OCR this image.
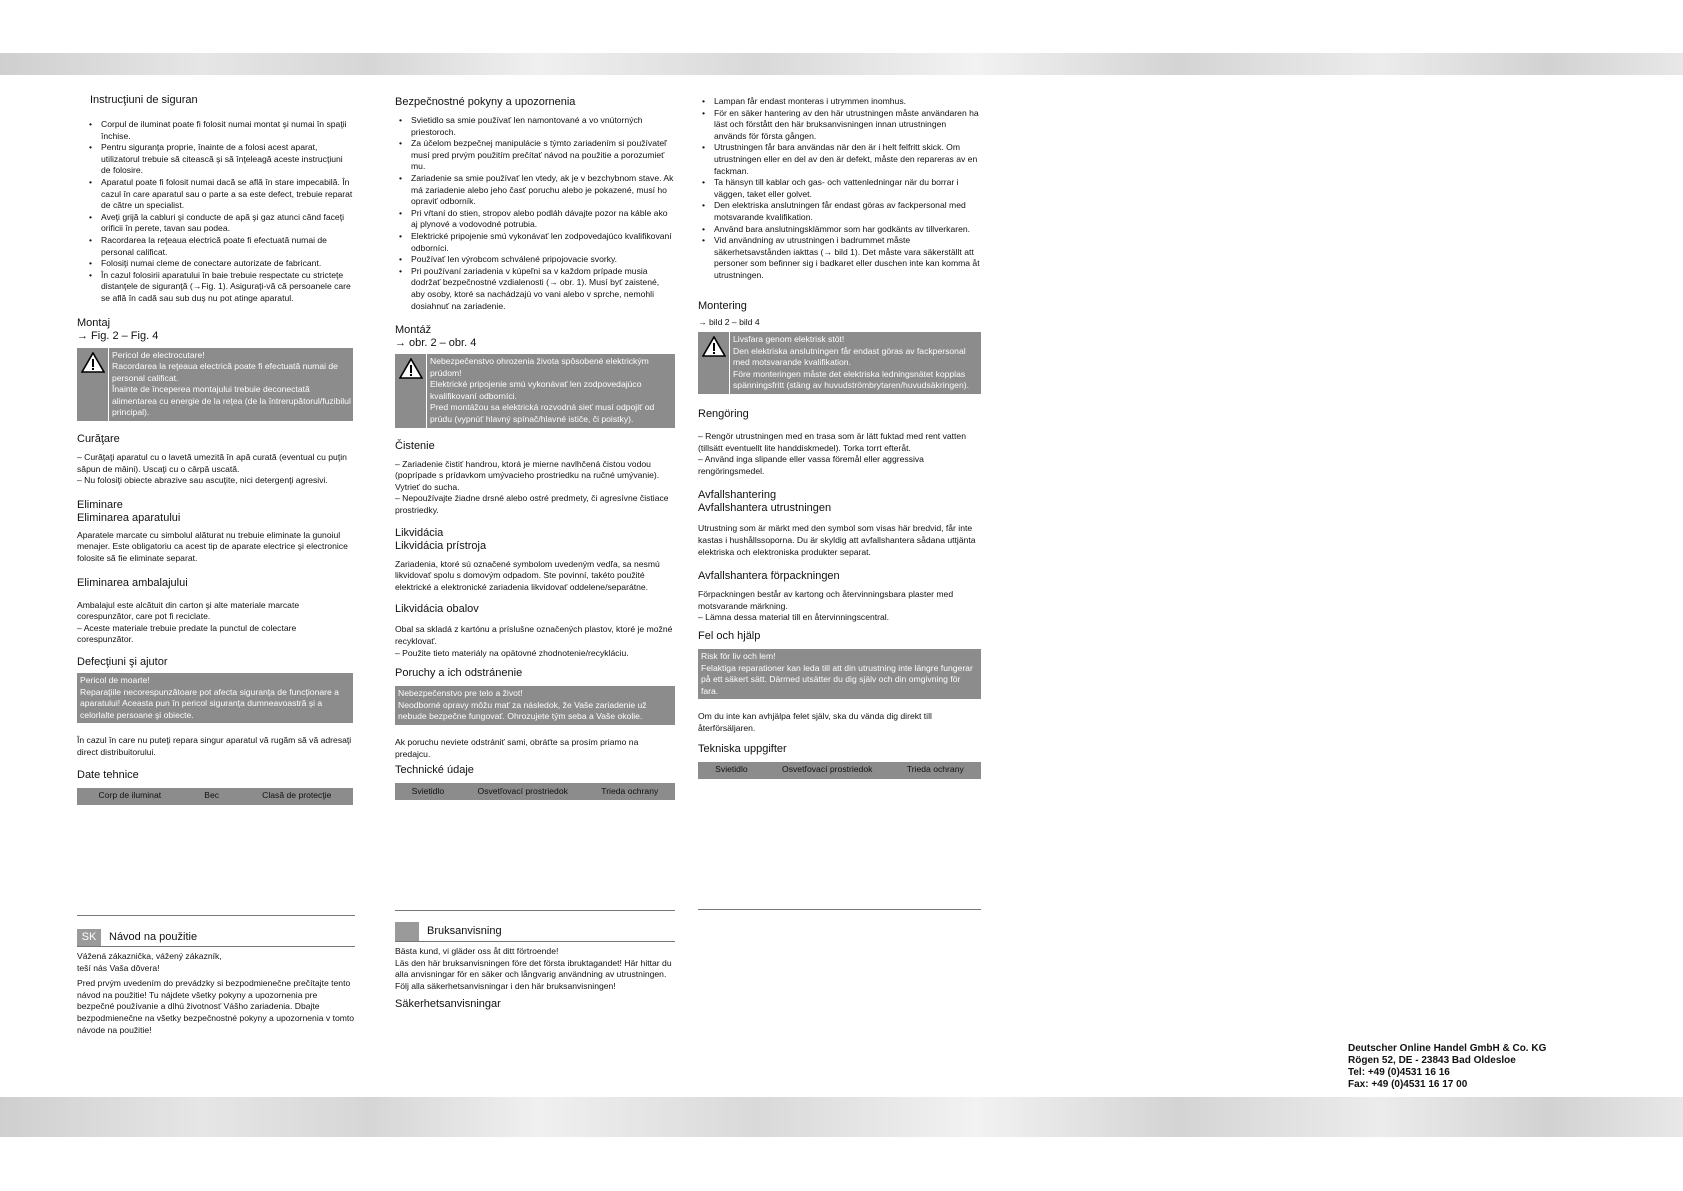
Instrucţiuni de siguran
• Corpul de iluminat poate fi folosit numai montat şi numai în spaţii închise.
• Pentru siguranţa proprie, înainte de a folosi acest aparat, utilizatorul trebuie să citească şi să înţeleagă aceste instrucţiuni de folosire.
• Aparatul poate fi folosit numai dacă se află în stare impecabilă. În cazul în care aparatul sau o parte a sa este defect, trebuie reparat de către un specialist.
• Aveţi grijă la cabluri şi conducte de apă şi gaz atunci când faceţi orificii în perete, tavan sau podea.
• Racordarea la reţeaua electrică poate fi efectuată numai de personal calificat.
• Folosiţi numai cleme de conectare autorizate de fabricant.
• În cazul folosirii aparatului în baie trebuie respectate cu stricteţe distanţele de siguranţă (→Fig. 1). Asiguraţi-vă că persoanele care se află în cadă sau sub duş nu pot atinge aparatul.

Montaj

→ Fig. 2 – Fig. 4

Pericol de electrocutare!

Racordarea la reţeaua electrică poate fi efectuată numai de personal calificat.

Înainte de începerea montajului trebuie deconectată alimentarea cu energie de la reţea (de la întrerupătorul/fuzibilul principal).

Curăţare

– Curăţaţi aparatul cu o lavetă umezită în apă curată (eventual cu puţin săpun de mâini). Uscaţi cu o cârpă uscată.

– Nu folosiţi obiecte abrazive sau ascuţite, nici detergenţi agresivi.

Eliminare

Eliminarea aparatului

Aparatele marcate cu simbolul alăturat nu trebuie eliminate la gunoiul menajer. Este obligatoriu ca acest tip de aparate electrice şi electronice folosite să fie eliminate separat.

Eliminarea ambalajului

Ambalajul este alcătuit din carton şi alte materiale marcate corespunzător, care pot fi reciclate.

– Aceste materiale trebuie predate la punctul de colectare corespunzător.

Defecţiuni şi ajutor

Pericol de moarte!

Reparaţiile necorespunzătoare pot afecta siguranţa de funcţionare a aparatului! Aceasta pun în pericol siguranţa dumneavoastră şi a celorlalte persoane şi obiecte.

În cazul în care nu puteţi repara singur aparatul vă rugăm să vă adresaţi direct distribuitorului.

Date tehnice

Corp de iluminat	Bec	Clasă de protecţie
Bezpečnostné pokyny a upozornenia
• Svietidlo sa smie používať len namontované a vo vnútorných priestoroch.
• Za účelom bezpečnej manipulácie s týmto zariadením si používateľ musí pred prvým použitím prečítať návod na použitie a porozumieť mu.
• Zariadenie sa smie používať len vtedy, ak je v bezchybnom stave. Ak má zariadenie alebo jeho časť poruchu alebo je pokazené, musí ho opraviť odborník.
• Pri vŕtaní do stien, stropov alebo podláh dávajte pozor na káble ako aj plynové a vodovodné potrubia.
• Elektrické pripojenie smú vykonávať len zodpovedajúco kvalifikovaní odborníci.
• Používať len výrobcom schválené pripojovacie svorky.
• Pri používaní zariadenia v kúpeľni sa v každom prípade musia dodržať bezpečnostné vzdialenosti (→ obr. 1). Musí byť zaistené, aby osoby, ktoré sa nachádzajú vo vani alebo v sprche, nemohli dosiahnuť na zariadenie.

Montáž

→ obr. 2 – obr. 4

Nebezpečenstvo ohrozenia života spôsobené elektrickým prúdom!

Elektrické pripojenie smú vykonávať len zodpovedajúco kvalifikovaní odborníci.

Pred montážou sa elektrická rozvodná sieť musí odpojiť od prúdu (vypnúť hlavný spínač/hlavné ističe, či poistky).

Čistenie

– Zariadenie čistiť handrou, ktorá je mierne navlhčená čistou vodou (poprípade s prídavkom umývacieho prostriedku na ručné umývanie). Vytrieť do sucha.

– Nepoužívajte žiadne drsné alebo ostré predmety, či agresívne čistiace prostriedky.

Likvidácia

Likvidácia prístroja

Zariadenia, ktoré sú označené symbolom uvedeným vedľa, sa nesmú likvidovať spolu s domovým odpadom. Ste povinní, takéto použité elektrické a elektronické zariadenia likvidovať oddelene/separátne.

Likvidácia obalov

Obal sa skladá z kartónu a príslušne označených plastov, ktoré je možné recyklovať.

– Použite tieto materiály na opätovné zhodnotenie/recykláciu.

Poruchy a ich odstránenie

Nebezpečenstvo pre telo a život!

Neodborné opravy môžu mať za následok, že Vaše zariadenie už nebude bezpečne fungovať. Ohrozujete tým seba a Vaše okolie.

Ak poruchu neviete odstrániť sami, obráťte sa prosím priamo na predajcu.

Technické údaje

Svietidlo	Osvetľovací prostriedok	Trieda ochrany
• Lampan får endast monteras i utrymmen inomhus.
• För en säker hantering av den här utrustningen måste användaren ha läst och förstått den här bruksanvisningen innan utrustningen används för första gången.
• Utrustningen får bara användas när den är i helt felfritt skick. Om utrustningen eller en del av den är defekt, måste den repareras av en fackman.
• Ta hänsyn till kablar och gas- och vattenledningar när du borrar i väggen, taket eller golvet.
• Den elektriska anslutningen får endast göras av fackpersonal med motsvarande kvalifikation.
• Använd bara anslutningsklämmor som har godkänts av tillverkaren.
• Vid användning av utrustningen i badrummet måste säkerhetsavstånden iakttas (→ bild 1). Det måste vara säkerställt att personer som befinner sig i badkaret eller duschen inte kan komma åt utrustningen.

Montering

→ bild 2 – bild 4

Livsfara genom elektrisk stöt!

Den elektriska anslutningen får endast göras av fackpersonal med motsvarande kvalifikation.

Före monteringen måste det elektriska ledningsnätet kopplas spänningsfritt (stäng av huvudströmbrytaren/huvudsäkringen).

Rengöring

– Rengör utrustningen med en trasa som är lätt fuktad med rent vatten (tillsätt eventuellt lite handdiskmedel). Torka torrt efteråt.

– Använd inga slipande eller vassa föremål eller aggressiva rengöringsmedel.

Avfallshantering

Avfallshantera utrustningen

Utrustning som är märkt med den symbol som visas här bredvid, får inte kastas i hushållssoporna. Du är skyldig att avfallshantera sådana uttjänta elektriska och elektroniska produkter separat.

Avfallshantera förpackningen

Förpackningen består av kartong och återvinningsbara plaster med motsvarande märkning.

– Lämna dessa material till en återvinningscentral.

Fel och hjälp

Risk för liv och lem!

Felaktiga reparationer kan leda till att din utrustning inte längre fungerar på ett säkert sätt. Därmed utsätter du dig själv och din omgivning för fara.

Om du inte kan avhjälpa felet själv, ska du vända dig direkt till återförsäljaren.

Tekniska uppgifter

Svietidlo	Osvetľovací prostriedok	Trieda ochrany
SK	Návod na použitie

Vážená zákaznička, vážený zákazník,

teší nás Vaša dôvera!

Pred prvým uvedením do prevádzky si bezpodmienečne prečítajte tento návod na použitie! Tu nájdete všetky pokyny a upozornenia pre bezpečné používanie a dlhú životnosť Vášho zariadenia. Dbajte bezpodmienečne na všetky bezpečnostné pokyny a upozornenia v tomto návode na použitie!

Bruksanvisning

Bästa kund, vi gläder oss åt ditt förtroende!

Läs den här bruksanvisningen före det första ibruktagandet! Här hittar du alla anvisningar för en säker och långvarig användning av utrustningen. Följ alla säkerhetsanvisningar i den här bruksanvisningen!

Säkerhetsanvisningar

Deutscher Online Handel GmbH & Co. KG
Rögen 52, DE - 23843 Bad Oldesloe
Tel: +49 (0)4531 16 16
Fax: +49 (0)4531 16 17 00
